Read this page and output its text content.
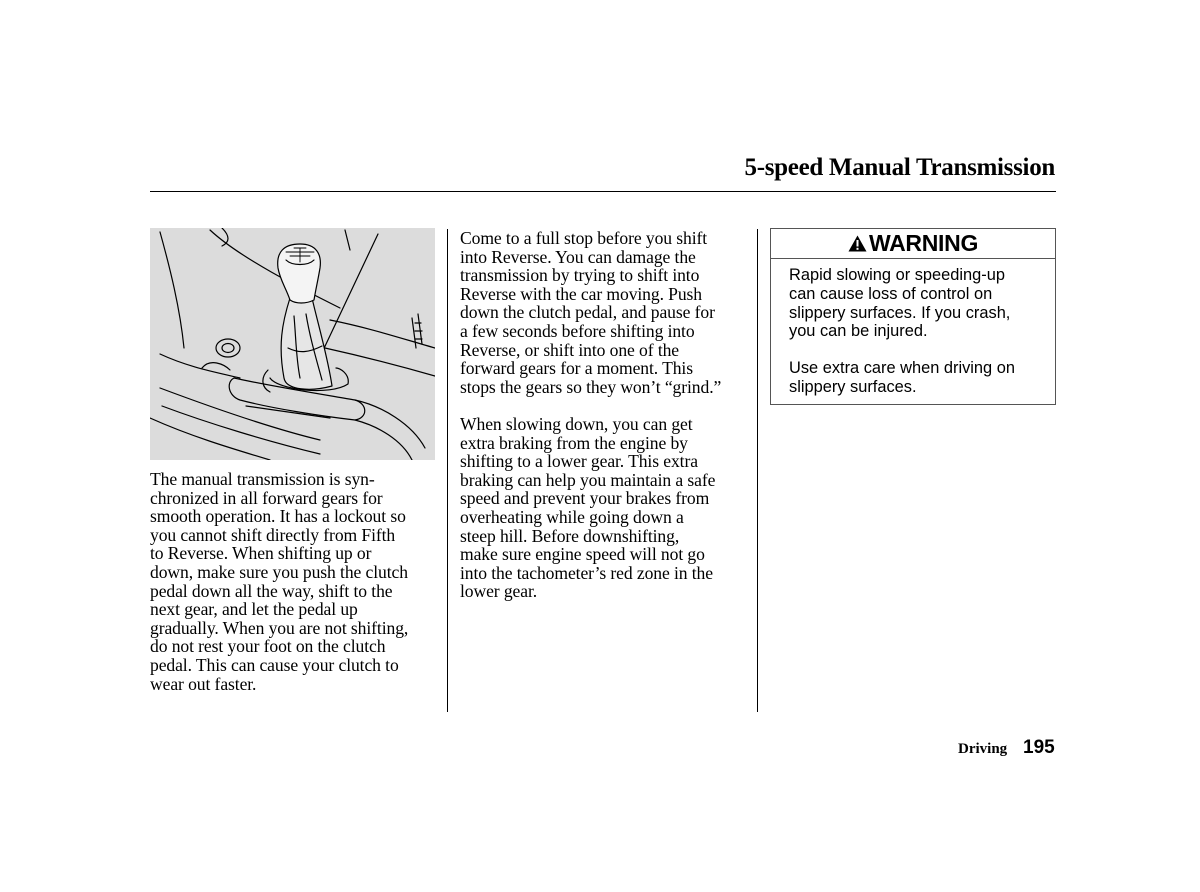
5-speed Manual Transmission

The manual transmission is syn-
chronized in all forward gears for
smooth operation. It has a lockout so
you cannot shift directly from Fifth
to Reverse. When shifting up or
down, make sure you push the clutch
pedal down all the way, shift to the
next gear, and let the pedal up
gradually. When you are not shifting,
do not rest your foot on the clutch
pedal. This can cause your clutch to
wear out faster.

Come to a full stop before you shift
into Reverse. You can damage the
transmission by trying to shift into
Reverse with the car moving. Push
down the clutch pedal, and pause for
a few seconds before shifting into
Reverse, or shift into one of the
forward gears for a moment. This
stops the gears so they won’t “grind.”

When slowing down, you can get
extra braking from the engine by
shifting to a lower gear. This extra
braking can help you maintain a safe
speed and prevent your brakes from
overheating while going down a
steep hill. Before downshifting,
make sure engine speed will not go
into the tachometer’s red zone in the
lower gear.

WARNING

Rapid slowing or speeding-up
can cause loss of control on
slippery surfaces. If you crash,
you can be injured.

Use extra care when driving on
slippery surfaces.

Driving 195
